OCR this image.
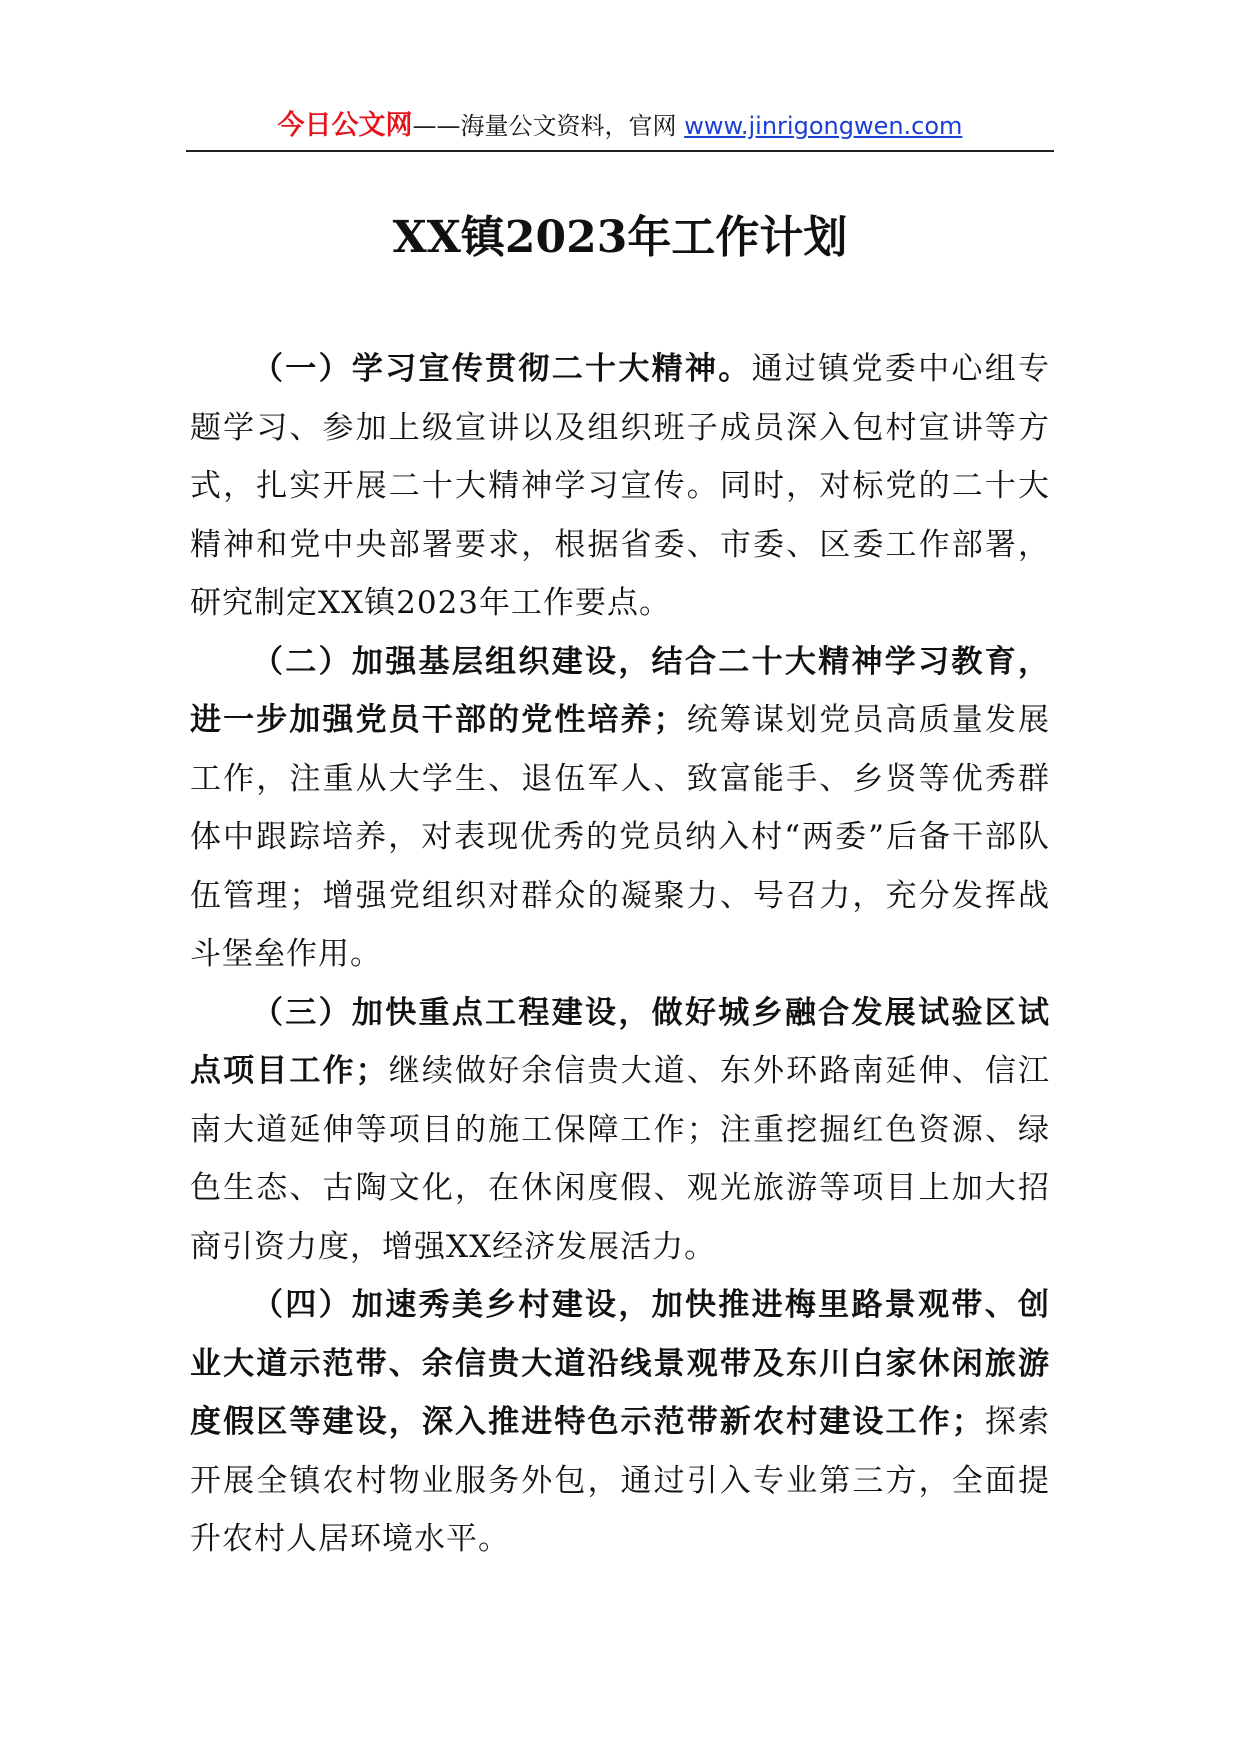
今日公文网——海量公文资料，官网 www.jinrigongwen.com
XX镇2023年工作计划

（一）学习宣传贯彻二十大精神。通过镇党委中心组专题学习、参加上级宣讲以及组织班子成员深入包村宣讲等方式，扎实开展二十大精神学习宣传。同时，对标党的二十大精神和党中央部署要求，根据省委、市委、区委工作部署，研究制定XX镇2023年工作要点。

（二）加强基层组织建设，结合二十大精神学习教育，进一步加强党员干部的党性培养；统筹谋划党员高质量发展工作，注重从大学生、退伍军人、致富能手、乡贤等优秀群体中跟踪培养，对表现优秀的党员纳入村“两委”后备干部队伍管理；增强党组织对群众的凝聚力、号召力，充分发挥战斗堡垒作用。

（三）加快重点工程建设，做好城乡融合发展试验区试点项目工作；继续做好余信贵大道、东外环路南延伸、信江南大道延伸等项目的施工保障工作；注重挖掘红色资源、绿色生态、古陶文化，在休闲度假、观光旅游等项目上加大招商引资力度，增强XX经济发展活力。

（四）加速秀美乡村建设，加快推进梅里路景观带、创业大道示范带、余信贵大道沿线景观带及东川白家休闲旅游度假区等建设，深入推进特色示范带新农村建设工作；探索开展全镇农村物业服务外包，通过引入专业第三方，全面提升农村人居环境水平。
